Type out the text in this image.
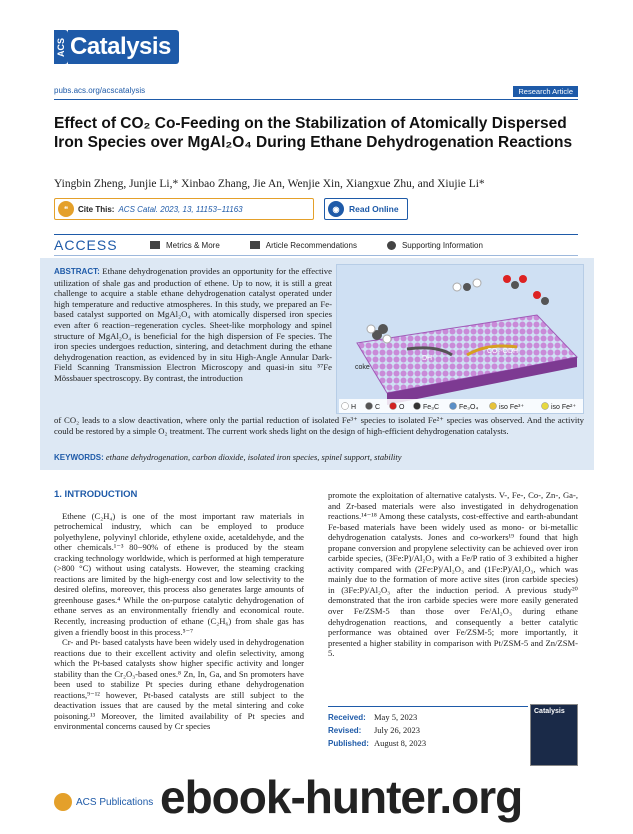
ACS Catalysis
pubs.acs.org/acscatalysis	Research Article
Effect of CO₂ Co-Feeding on the Stabilization of Atomically Dispersed Iron Species over MgAl₂O₄ During Ethane Dehydrogenation Reactions
Yingbin Zheng, Junjie Li,* Xinbao Zhang, Jie An, Wenjie Xin, Xiangxue Zhu, and Xiujie Li*
❝	Cite This: ACS Catal. 2023, 13, 11153−11163	◉	Read Online
ACCESS	Metrics & More	Article Recommendations	Supporting Information
ABSTRACT: Ethane dehydrogenation provides an opportunity for the effective utilization of shale gas and production of ethene. Up to now, it is still a great challenge to acquire a stable ethane dehydrogenation catalyst operated under high temperature and reductive atmospheres. In this study, we prepared an Fe-based catalyst supported on MgAl₂O₄ with atomically dispersed iron species even after 6 reaction−regeneration cycles. Sheet-like morphology and spinel structure of MgAl₂O₄ is beneficial for the high dispersion of Fe species. The iron species undergoes reduction, sintering, and detachment during the ethane dehydrogenation reaction, as evidenced by in situ High-Angle Annular Dark-Field Scanning Transmission Electron Microscopy and quasi-in situ ⁵⁷Fe Mössbauer spectroscopy. By contrast, the introduction
DH
CO₂-ODH
coke
H	C	O	Fe₃C	Fe₃O₄	iso Fe³⁺	iso Fe²⁺
of CO₂ leads to a slow deactivation, where only the partial reduction of isolated Fe³⁺ species to isolated Fe²⁺ species was observed. And the activity could be restored by a simple O₂ treatment. The current work sheds light on the design of high-efficient dehydrogenation catalysts.
KEYWORDS: ethane dehydrogenation, carbon dioxide, isolated iron species, spinel support, stability
1. INTRODUCTION

Ethene (C₂H₄) is one of the most important raw materials in petrochemical industry, which can be employed to produce polyethylene, polyvinyl chloride, ethylene oxide, acetaldehyde, and the other chemicals.¹⁻³ 80−90% of ethene is produced by the steam cracking technology worldwide, which is performed at high temperature (>800 °C) without using catalysts. However, the steaming cracking reactions are limited by the high-energy cost and low selectivity to the desired olefins, moreover, this process also generates large amounts of greenhouse gases.⁴ While the on-purpose catalytic dehydrogenation of ethane serves as an environmentally friendly and economical route. Recently, increasing production of ethane (C₂H₆) from shale gas has given a friendly boost in this process.⁵⁻⁷

Cr- and Pt- based catalysts have been widely used in dehydrogenation reactions due to their excellent activity and olefin selectivity, among which the Pt-based catalysts show higher specific activity and longer stability than the Cr₂O₃-based ones.⁸ Zn, In, Ga, and Sn promoters have been used to stabilize Pt species during ethane dehydrogenation reactions,⁹⁻¹² however, Pt-based catalysts are still subject to the deactivation issues that are caused by the metal sintering and coke poisoning.¹³ Moreover, the limited availability of Pt species and environmental concerns caused by Cr species

promote the exploitation of alternative catalysts. V-, Fe-, Co-, Zn-, Ga-, and Zr-based materials were also investigated in dehydrogenation reactions.¹⁴⁻¹⁸ Among these catalysts, cost-effective and earth-abundant Fe-based materials have been widely used as mono- or bi-metallic dehydrogenation catalysts. Jones and co-workers¹⁹ found that high propane conversion and propylene selectivity can be achieved over iron carbide species, (3Fe:P)/Al₂O₃ with a Fe/P ratio of 3 exhibited a higher activity compared with (2Fe:P)/Al₂O₃ and (1Fe:P)/Al₂O₃, which was mainly due to the formation of more active sites (iron carbide species) in (3Fe:P)/Al₂O₃ after the induction period. A previous study²⁰ demonstrated that the iron carbide species were more easily generated over Fe/ZSM-5 than those over Fe/Al₂O₃ during ethane dehydrogenation reactions, and consequently a better catalytic performance was obtained over Fe/ZSM-5; more importantly, it presented a higher stability in comparison with Pt/ZSM-5 and Zn/ZSM-5.

Received: May 5, 2023
Revised: July 26, 2023
Published: August 8, 2023
Catalysis
ACS Publications ebook-hunter.org
